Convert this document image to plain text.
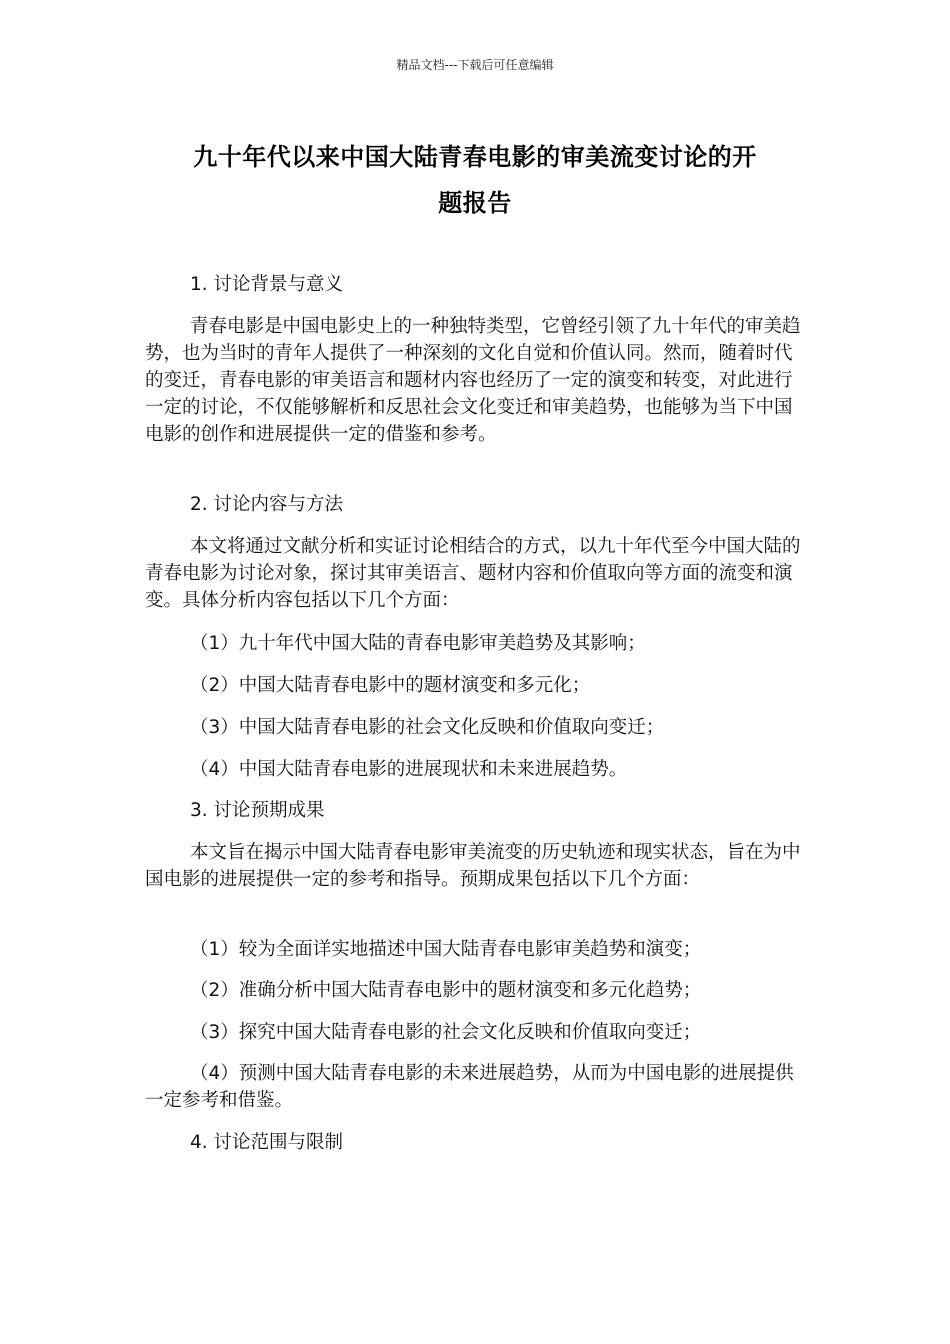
精品文档---下载后可任意编辑
九十年代以来中国大陆青春电影的审美流变讨论的开
题报告
1. 讨论背景与意义
青春电影是中国电影史上的一种独特类型，它曾经引领了九十年代的审美趋势，也为当时的青年人提供了一种深刻的文化自觉和价值认同。然而，随着时代的变迁，青春电影的审美语言和题材内容也经历了一定的演变和转变，对此进行一定的讨论，不仅能够解析和反思社会文化变迁和审美趋势，也能够为当下中国电影的创作和进展提供一定的借鉴和参考。
2. 讨论内容与方法
本文将通过文献分析和实证讨论相结合的方式，以九十年代至今中国大陆的青春电影为讨论对象，探讨其审美语言、题材内容和价值取向等方面的流变和演变。具体分析内容包括以下几个方面：
（1）九十年代中国大陆的青春电影审美趋势及其影响；
（2）中国大陆青春电影中的题材演变和多元化；
（3）中国大陆青春电影的社会文化反映和价值取向变迁；
（4）中国大陆青春电影的进展现状和未来进展趋势。
3. 讨论预期成果
本文旨在揭示中国大陆青春电影审美流变的历史轨迹和现实状态，旨在为中国电影的进展提供一定的参考和指导。预期成果包括以下几个方面：
（1）较为全面详实地描述中国大陆青春电影审美趋势和演变；
（2）准确分析中国大陆青春电影中的题材演变和多元化趋势；
（3）探究中国大陆青春电影的社会文化反映和价值取向变迁；
（4）预测中国大陆青春电影的未来进展趋势，从而为中国电影的进展提供一定参考和借鉴。
4. 讨论范围与限制
